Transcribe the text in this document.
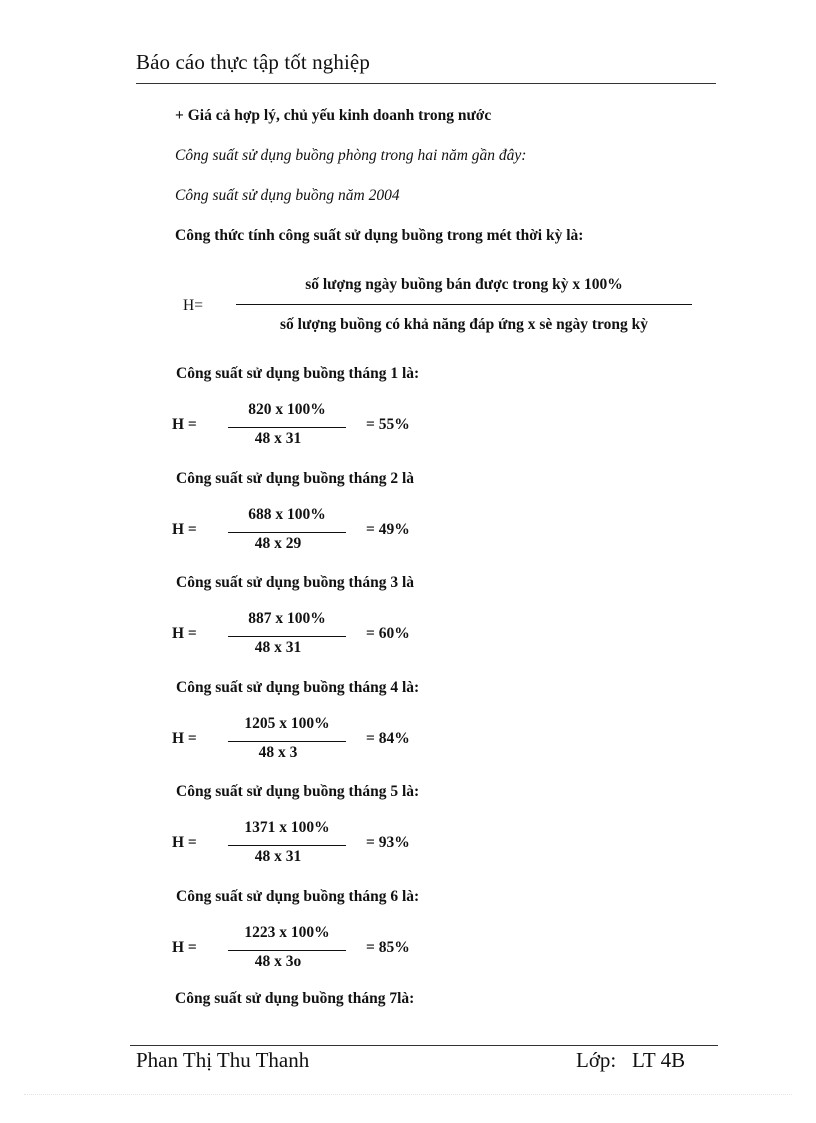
Báo cáo thực tập tốt nghiệp
+ Giá cả hợp lý, chủ yếu kinh doanh trong nước
Công suất sử dụng buồng phòng trong hai năm gần đây:
Công suất sử dụng buồng năm 2004
Công thức tính công suất sử dụng buồng trong mét thời kỳ là:
H=
số lượng ngày buồng bán được trong kỳ x 100%
số lượng buồng có khả năng đáp ứng x sè ngày trong kỳ
Công suất sử dụng buồng tháng 1 là:
H =
820 x 100%
48 x 31
= 55%
Công suất sử dụng buồng tháng 2 là
H =
688 x 100%
48 x 29
= 49%
Công suất sử dụng buồng tháng 3 là
H =
887 x 100%
48 x 31
= 60%
Công suất sử dụng buồng tháng 4 là:
H =
1205 x 100%
48 x 3
= 84%
Công suất sử dụng buồng tháng 5 là:
H =
1371 x 100%
48 x 31
= 93%
Công suất sử dụng buồng tháng 6 là:
H =
1223 x 100%
48 x 3o
= 85%
Công suất sử dụng buồng tháng 7là:
Phan Thị Thu Thanh	Lớp: LT 4B
